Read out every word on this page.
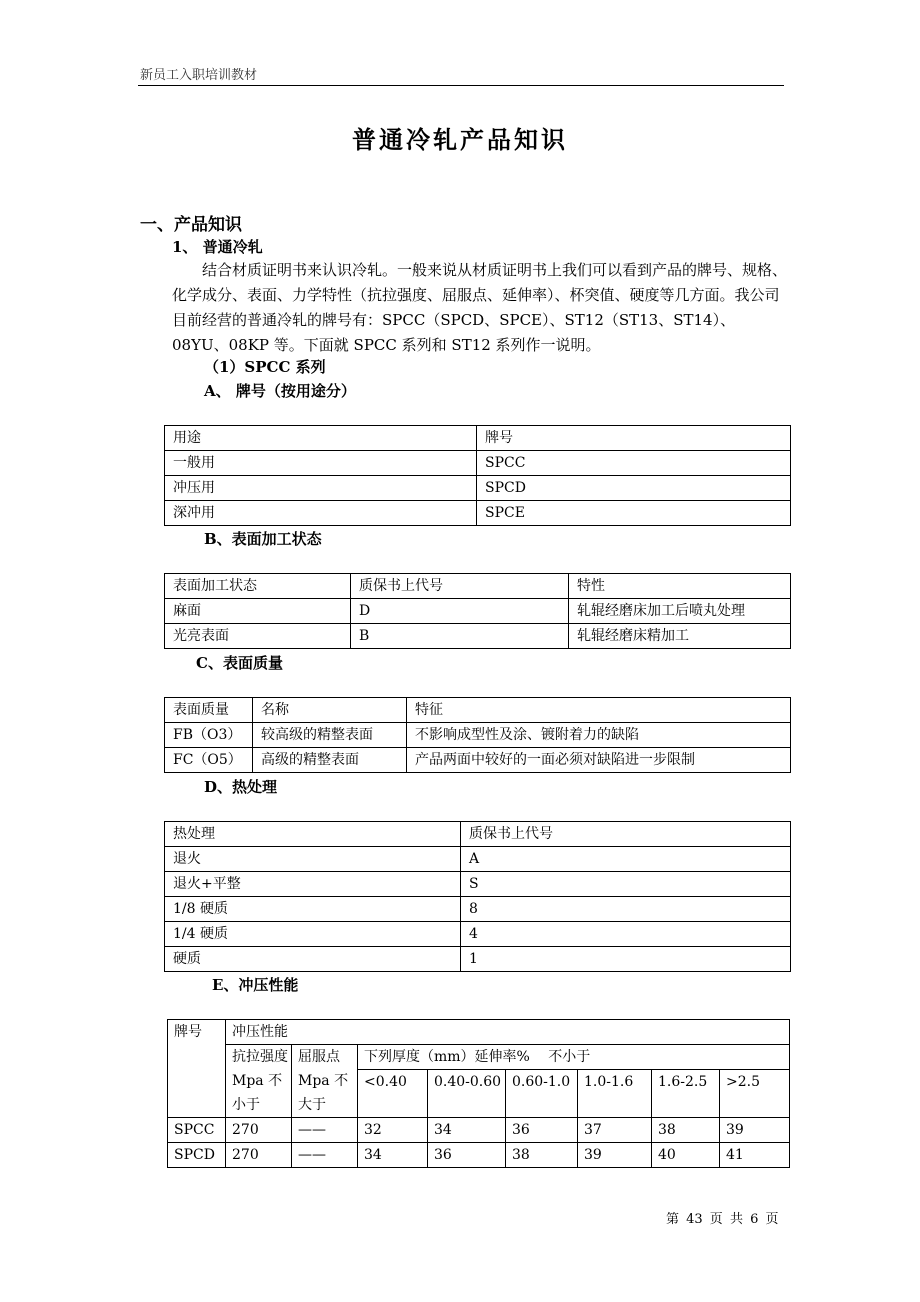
新员工入职培训教材
普通冷轧产品知识
一、产品知识
1、 普通冷轧
结合材质证明书来认识冷轧。一般来说从材质证明书上我们可以看到产品的牌号、规格、化学成分、表面、力学特性（抗拉强度、屈服点、延伸率）、杯突值、硬度等几方面。我公司目前经营的普通冷轧的牌号有：SPCC（SPCD、SPCE）、ST12（ST13、ST14）、08YU、08KP 等。下面就 SPCC 系列和 ST12 系列作一说明。
（1）SPCC 系列
A、 牌号（按用途分）
用途	牌号
一般用	SPCC
冲压用	SPCD
深冲用	SPCE
B、表面加工状态
表面加工状态	质保书上代号	特性
麻面	D	轧辊经磨床加工后喷丸处理
光亮表面	B	轧辊经磨床精加工
C、表面质量
表面质量	名称	特征
FB（O3）	较高级的精整表面	不影响成型性及涂、镀附着力的缺陷
FC（O5）	高级的精整表面	产品两面中较好的一面必须对缺陷进一步限制
D、热处理
热处理	质保书上代号
退火	A
退火+平整	S
1/8 硬质	8
1/4 硬质	4
硬质	1
E、冲压性能
牌号	冲压性能							
	抗拉强度 Mpa 不小于	屈服点 Mpa 不大于	下列厚度（mm）延伸率%　 不小于					
			<0.40	0.40-0.60	0.60-1.0	1.0-1.6	1.6-2.5	>2.5
SPCC	270	——	32	34	36	37	38	39
SPCD	270	——	34	36	38	39	40	41
第 43 页 共 6 页
